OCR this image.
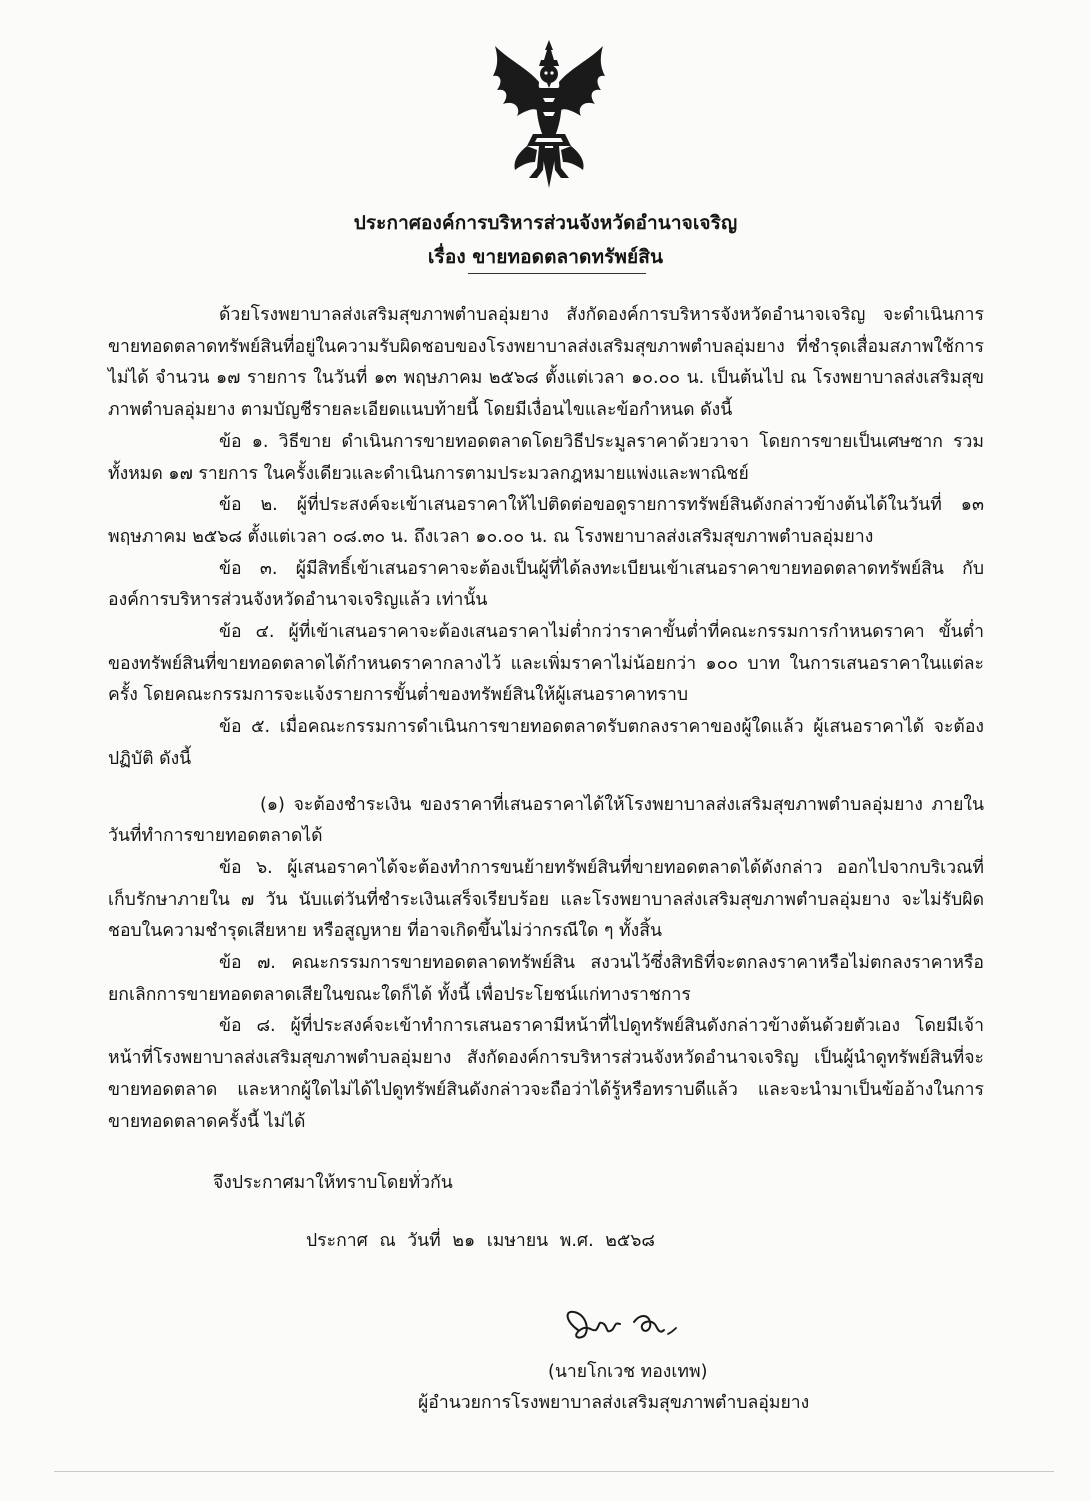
ประกาศองค์การบริหารส่วนจังหวัดอำนาจเจริญ
เรื่อง ขายทอดตลาดทรัพย์สิน

ด้วยโรงพยาบาลส่งเสริมสุขภาพตำบลอุ่มยาง สังกัดองค์การบริหารจังหวัดอำนาจเจริญ จะดำเนินการขายทอดตลาดทรัพย์สินที่อยู่ในความรับผิดชอบของโรงพยาบาลส่งเสริมสุขภาพตำบลอุ่มยาง ที่ชำรุดเสื่อมสภาพใช้การไม่ได้ จำนวน ๑๗ รายการ ในวันที่ ๑๓ พฤษภาคม ๒๕๖๘ ตั้งแต่เวลา ๑๐.๐๐ น. เป็นต้นไป ณ โรงพยาบาลส่งเสริมสุขภาพตำบลอุ่มยาง ตามบัญชีรายละเอียดแนบท้ายนี้ โดยมีเงื่อนไขและข้อกำหนด ดังนี้

ข้อ ๑. วิธีขาย ดำเนินการขายทอดตลาดโดยวิธีประมูลราคาด้วยวาจา โดยการขายเป็นเศษซาก รวมทั้งหมด ๑๗ รายการ ในครั้งเดียวและดำเนินการตามประมวลกฎหมายแพ่งและพาณิชย์

ข้อ ๒. ผู้ที่ประสงค์จะเข้าเสนอราคาให้ไปติดต่อขอดูรายการทรัพย์สินดังกล่าวข้างต้นได้ในวันที่ ๑๓ พฤษภาคม ๒๕๖๘ ตั้งแต่เวลา ๐๘.๓๐ น. ถึงเวลา ๑๐.๐๐ น. ณ โรงพยาบาลส่งเสริมสุขภาพตำบลอุ่มยาง

ข้อ ๓. ผู้มีสิทธิ์เข้าเสนอราคาจะต้องเป็นผู้ที่ได้ลงทะเบียนเข้าเสนอราคาขายทอดตลาดทรัพย์สิน กับองค์การบริหารส่วนจังหวัดอำนาจเจริญแล้ว เท่านั้น

ข้อ ๔. ผู้ที่เข้าเสนอราคาจะต้องเสนอราคาไม่ต่ำกว่าราคาขั้นต่ำที่คณะกรรมการกำหนดราคา ขั้นต่ำของทรัพย์สินที่ขายทอดตลาดได้กำหนดราคากลางไว้ และเพิ่มราคาไม่น้อยกว่า ๑๐๐ บาท ในการเสนอราคาในแต่ละครั้ง โดยคณะกรรมการจะแจ้งรายการขั้นต่ำของทรัพย์สินให้ผู้เสนอราคาทราบ

ข้อ ๕. เมื่อคณะกรรมการดำเนินการขายทอดตลาดรับตกลงราคาของผู้ใดแล้ว ผู้เสนอราคาได้ จะต้องปฏิบัติ ดังนี้

(๑) จะต้องชำระเงิน ของราคาที่เสนอราคาได้ให้โรงพยาบาลส่งเสริมสุขภาพตำบลอุ่มยาง ภายในวันที่ทำการขายทอดตลาดได้

ข้อ ๖. ผู้เสนอราคาได้จะต้องทำการขนย้ายทรัพย์สินที่ขายทอดตลาดได้ดังกล่าว ออกไปจากบริเวณที่เก็บรักษาภายใน ๗ วัน นับแต่วันที่ชำระเงินเสร็จเรียบร้อย และโรงพยาบาลส่งเสริมสุขภาพตำบลอุ่มยาง จะไม่รับผิดชอบในความชำรุดเสียหาย หรือสูญหาย ที่อาจเกิดขึ้นไม่ว่ากรณีใด ๆ ทั้งสิ้น

ข้อ ๗. คณะกรรมการขายทอดตลาดทรัพย์สิน สงวนไว้ซึ่งสิทธิที่จะตกลงราคาหรือไม่ตกลงราคาหรือยกเลิกการขายทอดตลาดเสียในขณะใดก็ได้ ทั้งนี้ เพื่อประโยชน์แก่ทางราชการ

ข้อ ๘. ผู้ที่ประสงค์จะเข้าทำการเสนอราคามีหน้าที่ไปดูทรัพย์สินดังกล่าวข้างต้นด้วยตัวเอง โดยมีเจ้าหน้าที่โรงพยาบาลส่งเสริมสุขภาพตำบลอุ่มยาง สังกัดองค์การบริหารส่วนจังหวัดอำนาจเจริญ เป็นผู้นำดูทรัพย์สินที่จะขายทอดตลาด และหากผู้ใดไม่ได้ไปดูทรัพย์สินดังกล่าวจะถือว่าได้รู้หรือทราบดีแล้ว และจะนำมาเป็นข้ออ้างในการขายทอดตลาดครั้งนี้ ไม่ได้

จึงประกาศมาให้ทราบโดยทั่วกัน
ประกาศ ณ วันที่ ๒๑ เมษายน พ.ศ. ๒๕๖๘
(นายโกเวช ทองเทพ)
ผู้อำนวยการโรงพยาบาลส่งเสริมสุขภาพตำบลอุ่มยาง
